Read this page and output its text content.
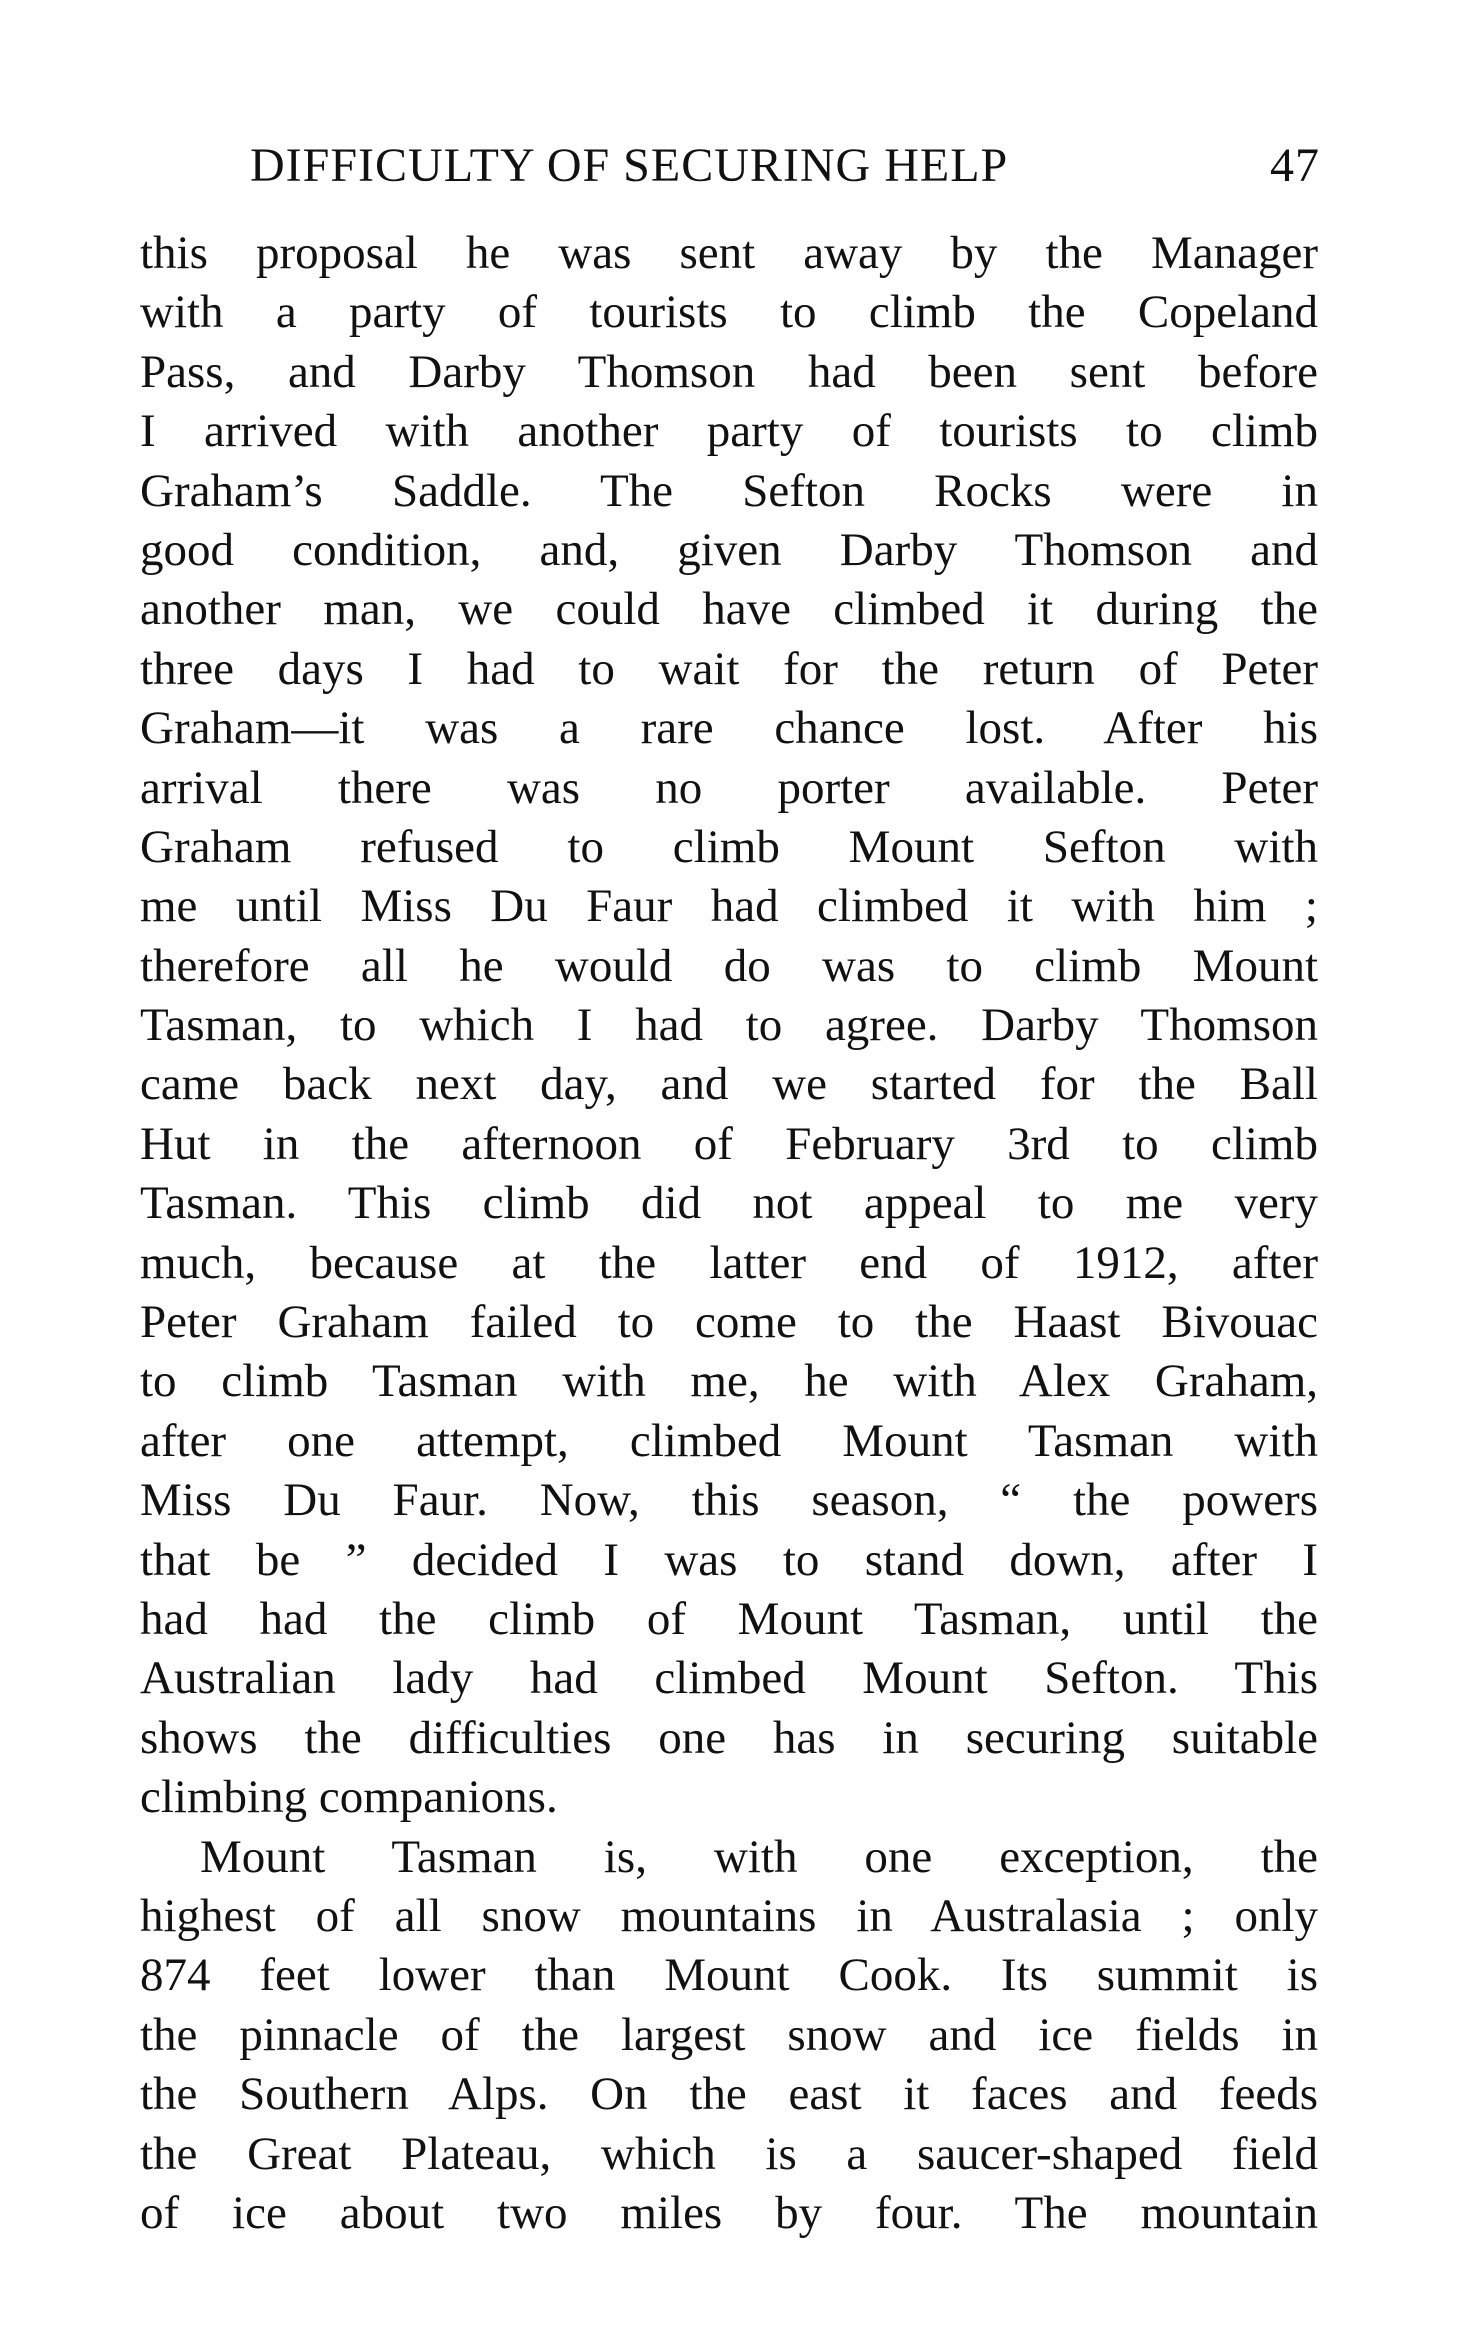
DIFFICULTY OF SECURING HELP	47
this proposal he was sent away by the Manager
with a party of tourists to climb the Copeland
Pass, and Darby Thomson had been sent before
I arrived with another party of tourists to climb
Graham’s Saddle. The Sefton Rocks were in
good condition, and, given Darby Thomson and
another man, we could have climbed it during the
three days I had to wait for the return of Peter
Graham—it was a rare chance lost. After his
arrival there was no porter available. Peter
Graham refused to climb Mount Sefton with
me until Miss Du Faur had climbed it with him ;
therefore all he would do was to climb Mount
Tasman, to which I had to agree. Darby Thomson
came back next day, and we started for the Ball
Hut in the afternoon of February 3rd to climb
Tasman. This climb did not appeal to me very
much, because at the latter end of 1912, after
Peter Graham failed to come to the Haast Bivouac
to climb Tasman with me, he with Alex Graham,
after one attempt, climbed Mount Tasman with
Miss Du Faur. Now, this season, “ the powers
that be ” decided I was to stand down, after I
had had the climb of Mount Tasman, until the
Australian lady had climbed Mount Sefton. This
shows the difficulties one has in securing suitable
climbing companions.
Mount Tasman is, with one exception, the
highest of all snow mountains in Australasia ; only
874 feet lower than Mount Cook. Its summit is
the pinnacle of the largest snow and ice fields in
the Southern Alps. On the east it faces and feeds
the Great Plateau, which is a saucer-shaped field
of ice about two miles by four. The mountain
